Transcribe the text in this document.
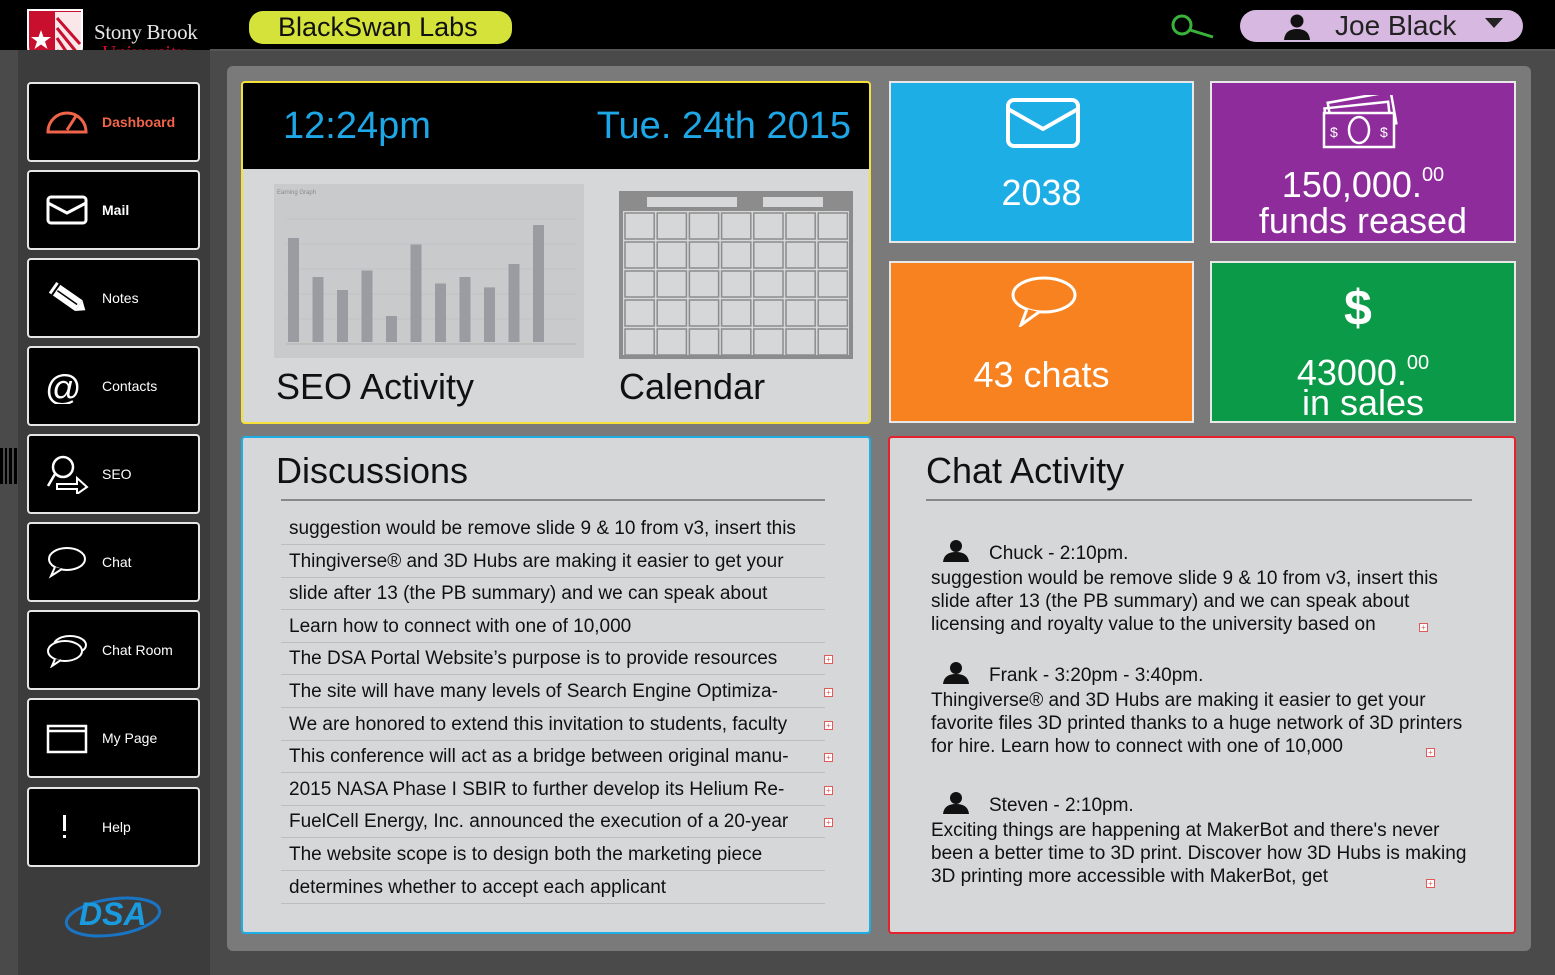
Stony Brook	BlackSwan Labs	Joe Black
Dashboard
Mail
Notes
@ Contacts
SEO
Chat
Chat Room
My Page
Help
DSA
12:24pm	Tue. 24th 2015
Earning Graph
SEO Activity	Calendar
2038
$	$
150,000.00
funds reased
43 chats
$
43000.00
in sales
Discussions
suggestion would be remove slide 9 & 10 from v3, insert this
Thingiverse® and 3D Hubs are making it easier to get your
slide after 13 (the PB summary) and we can speak about
Learn how to connect with one of 10,000
The DSA Portal Website’s purpose is to provide resources	+
The site will have many levels of Search Engine Optimiza-	+
We are honored to extend this invitation to students, faculty	+
This conference will act as a bridge between original manu-	+
2015 NASA Phase I SBIR to further develop its Helium Re-	+
FuelCell Energy, Inc. announced the execution of a 20-year	+
The website scope is to design both the marketing piece
determines whether to accept each applicant
Chat Activity
Chuck - 2:10pm.
suggestion would be remove slide 9 & 10 from v3, insert this slide after 13 (the PB summary) and we can speak about licensing and royalty value to the university based on
Frank - 3:20pm - 3:40pm.
Thingiverse® and 3D Hubs are making it easier to get your favorite files 3D printed thanks to a huge network of 3D printers for hire. Learn how to connect with one of 10,000
Steven - 2:10pm.
Exciting things are happening at MakerBot and there's never been a better time to 3D print. Discover how 3D Hubs is making 3D printing more accessible with MakerBot, get
+
+
+
